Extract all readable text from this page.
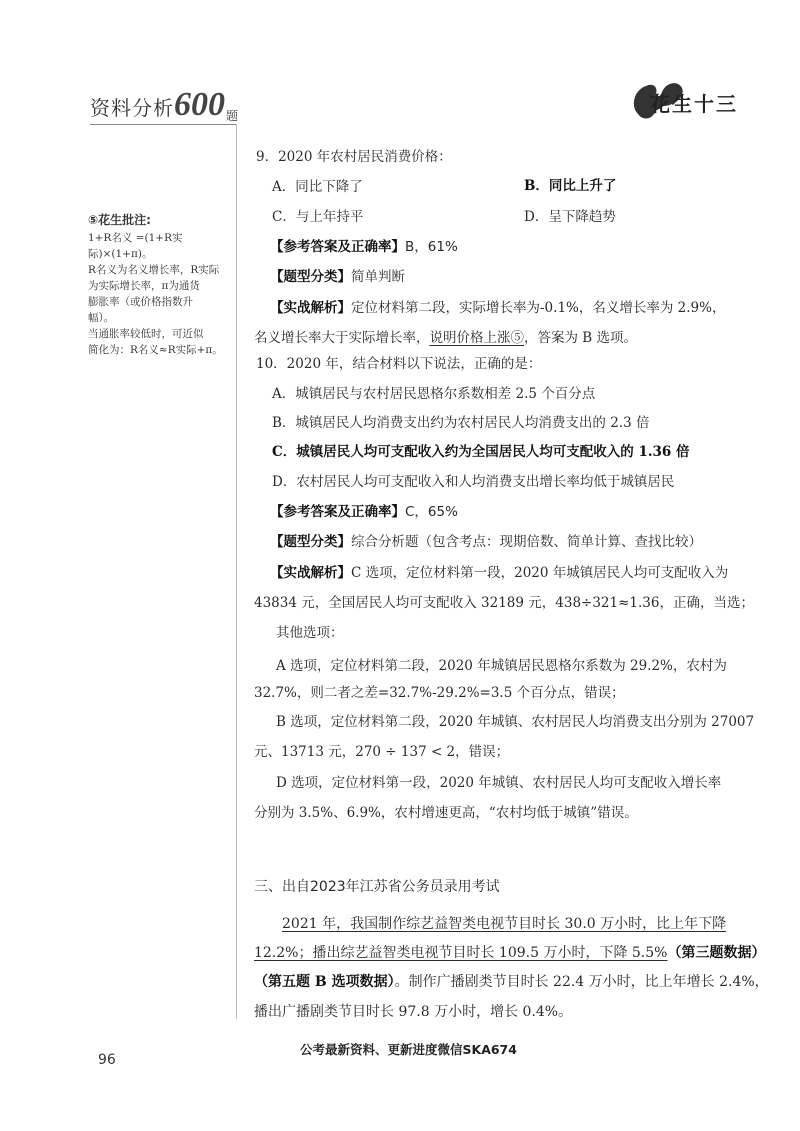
资料分析600题	花生十三
⑤花生批注:
1+R名义 =(1+R实际)×(1+π)。
R名义为名义增长率，R实际
为实际增长率，π为通货
膨胀率（或价格指数升
幅）。
当通胀率较低时，可近似
简化为：R名义≈R实际+π。
9．2020 年农村居民消费价格：
A．同比下降了	B．同比上升了
C．与上年持平	D．呈下降趋势
【参考答案及正确率】B，61%
【题型分类】简单判断
【实战解析】定位材料第二段，实际增长率为-0.1%，名义增长率为 2.9%，
名义增长率大于实际增长率，说明价格上涨⑤，答案为 B 选项。
10．2020 年，结合材料以下说法，正确的是：
A．城镇居民与农村居民恩格尔系数相差 2.5 个百分点
B．城镇居民人均消费支出约为农村居民人均消费支出的 2.3 倍
C．城镇居民人均可支配收入约为全国居民人均可支配收入的 1.36 倍
D．农村居民人均可支配收入和人均消费支出增长率均低于城镇居民
【参考答案及正确率】C，65%
【题型分类】综合分析题（包含考点：现期倍数、简单计算、查找比较）
【实战解析】C 选项，定位材料第一段，2020 年城镇居民人均可支配收入为
43834 元，全国居民人均可支配收入 32189 元，438÷321≈1.36，正确，当选；
其他选项：
A 选项，定位材料第二段，2020 年城镇居民恩格尔系数为 29.2%，农村为
32.7%，则二者之差=32.7%-29.2%=3.5 个百分点，错误；
B 选项，定位材料第二段，2020 年城镇、农村居民人均消费支出分别为 27007
元、13713 元，270 ÷ 137 < 2，错误；
D 选项，定位材料第一段，2020 年城镇、农村居民人均可支配收入增长率
分别为 3.5%、6.9%，农村增速更高，“农村均低于城镇”错误。
三、出自2023年江苏省公务员录用考试
2021 年，我国制作综艺益智类电视节目时长 30.0 万小时，比上年下降
12.2%；播出综艺益智类电视节目时长 109.5 万小时，下降 5.5%（第三题数据）
（第五题 B 选项数据）。制作广播剧类节目时长 22.4 万小时，比上年增长 2.4%，
播出广播剧类节目时长 97.8 万小时，增长 0.4%。
96
公考最新资料、更新进度微信SKA674
